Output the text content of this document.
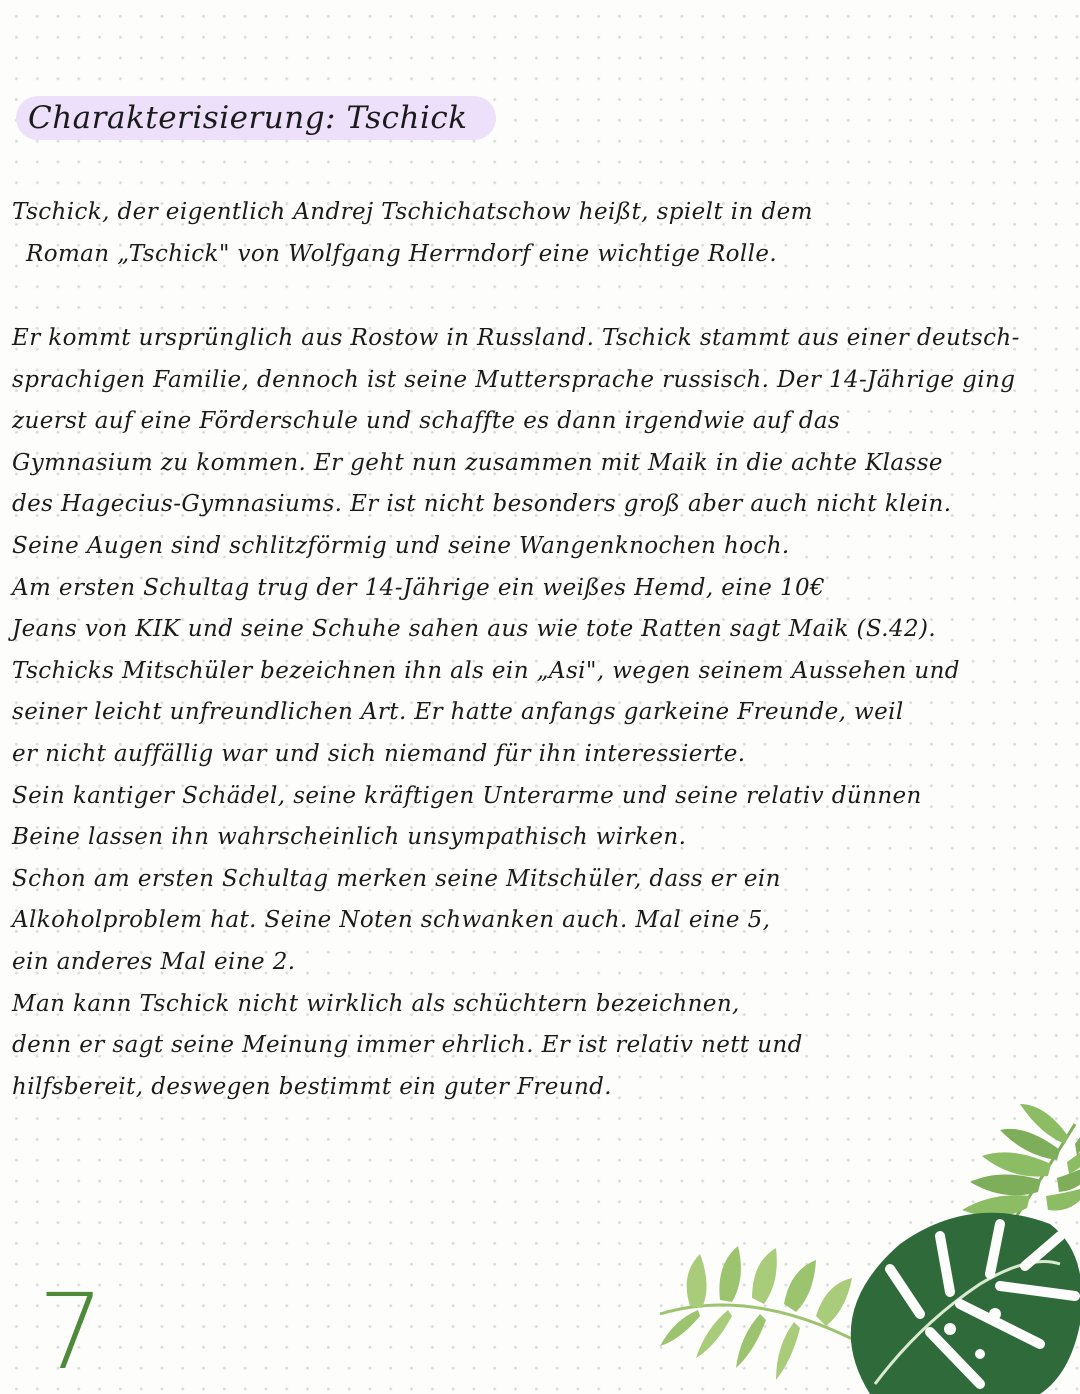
Charakterisierung: Tschick
Tschick, der eigentlich Andrej Tschichatschow heißt, spielt in dem
Roman „Tschick" von Wolfgang Herrndorf eine wichtige Rolle.
Er kommt ursprünglich aus Rostow in Russland. Tschick stammt aus einer deutsch-
sprachigen Familie, dennoch ist seine Muttersprache russisch. Der 14-Jährige ging
zuerst auf eine Förderschule und schaffte es dann irgendwie auf das
Gymnasium zu kommen. Er geht nun zusammen mit Maik in die achte Klasse
des Hagecius-Gymnasiums. Er ist nicht besonders groß aber auch nicht klein.
Seine Augen sind schlitzförmig und seine Wangenknochen hoch.
Am ersten Schultag trug der 14-Jährige ein weißes Hemd, eine 10€
Jeans von KIK und seine Schuhe sahen aus wie tote Ratten sagt Maik (S.42).
Tschicks Mitschüler bezeichnen ihn als ein „Asi", wegen seinem Aussehen und
seiner leicht unfreundlichen Art. Er hatte anfangs garkeine Freunde, weil
er nicht auffällig war und sich niemand für ihn interessierte.
Sein kantiger Schädel, seine kräftigen Unterarme und seine relativ dünnen
Beine lassen ihn wahrscheinlich unsympathisch wirken.
Schon am ersten Schultag merken seine Mitschüler, dass er ein
Alkoholproblem hat. Seine Noten schwanken auch. Mal eine 5,
ein anderes Mal eine 2.
Man kann Tschick nicht wirklich als schüchtern bezeichnen,
denn er sagt seine Meinung immer ehrlich. Er ist relativ nett und
hilfsbereit, deswegen bestimmt ein guter Freund.
7
